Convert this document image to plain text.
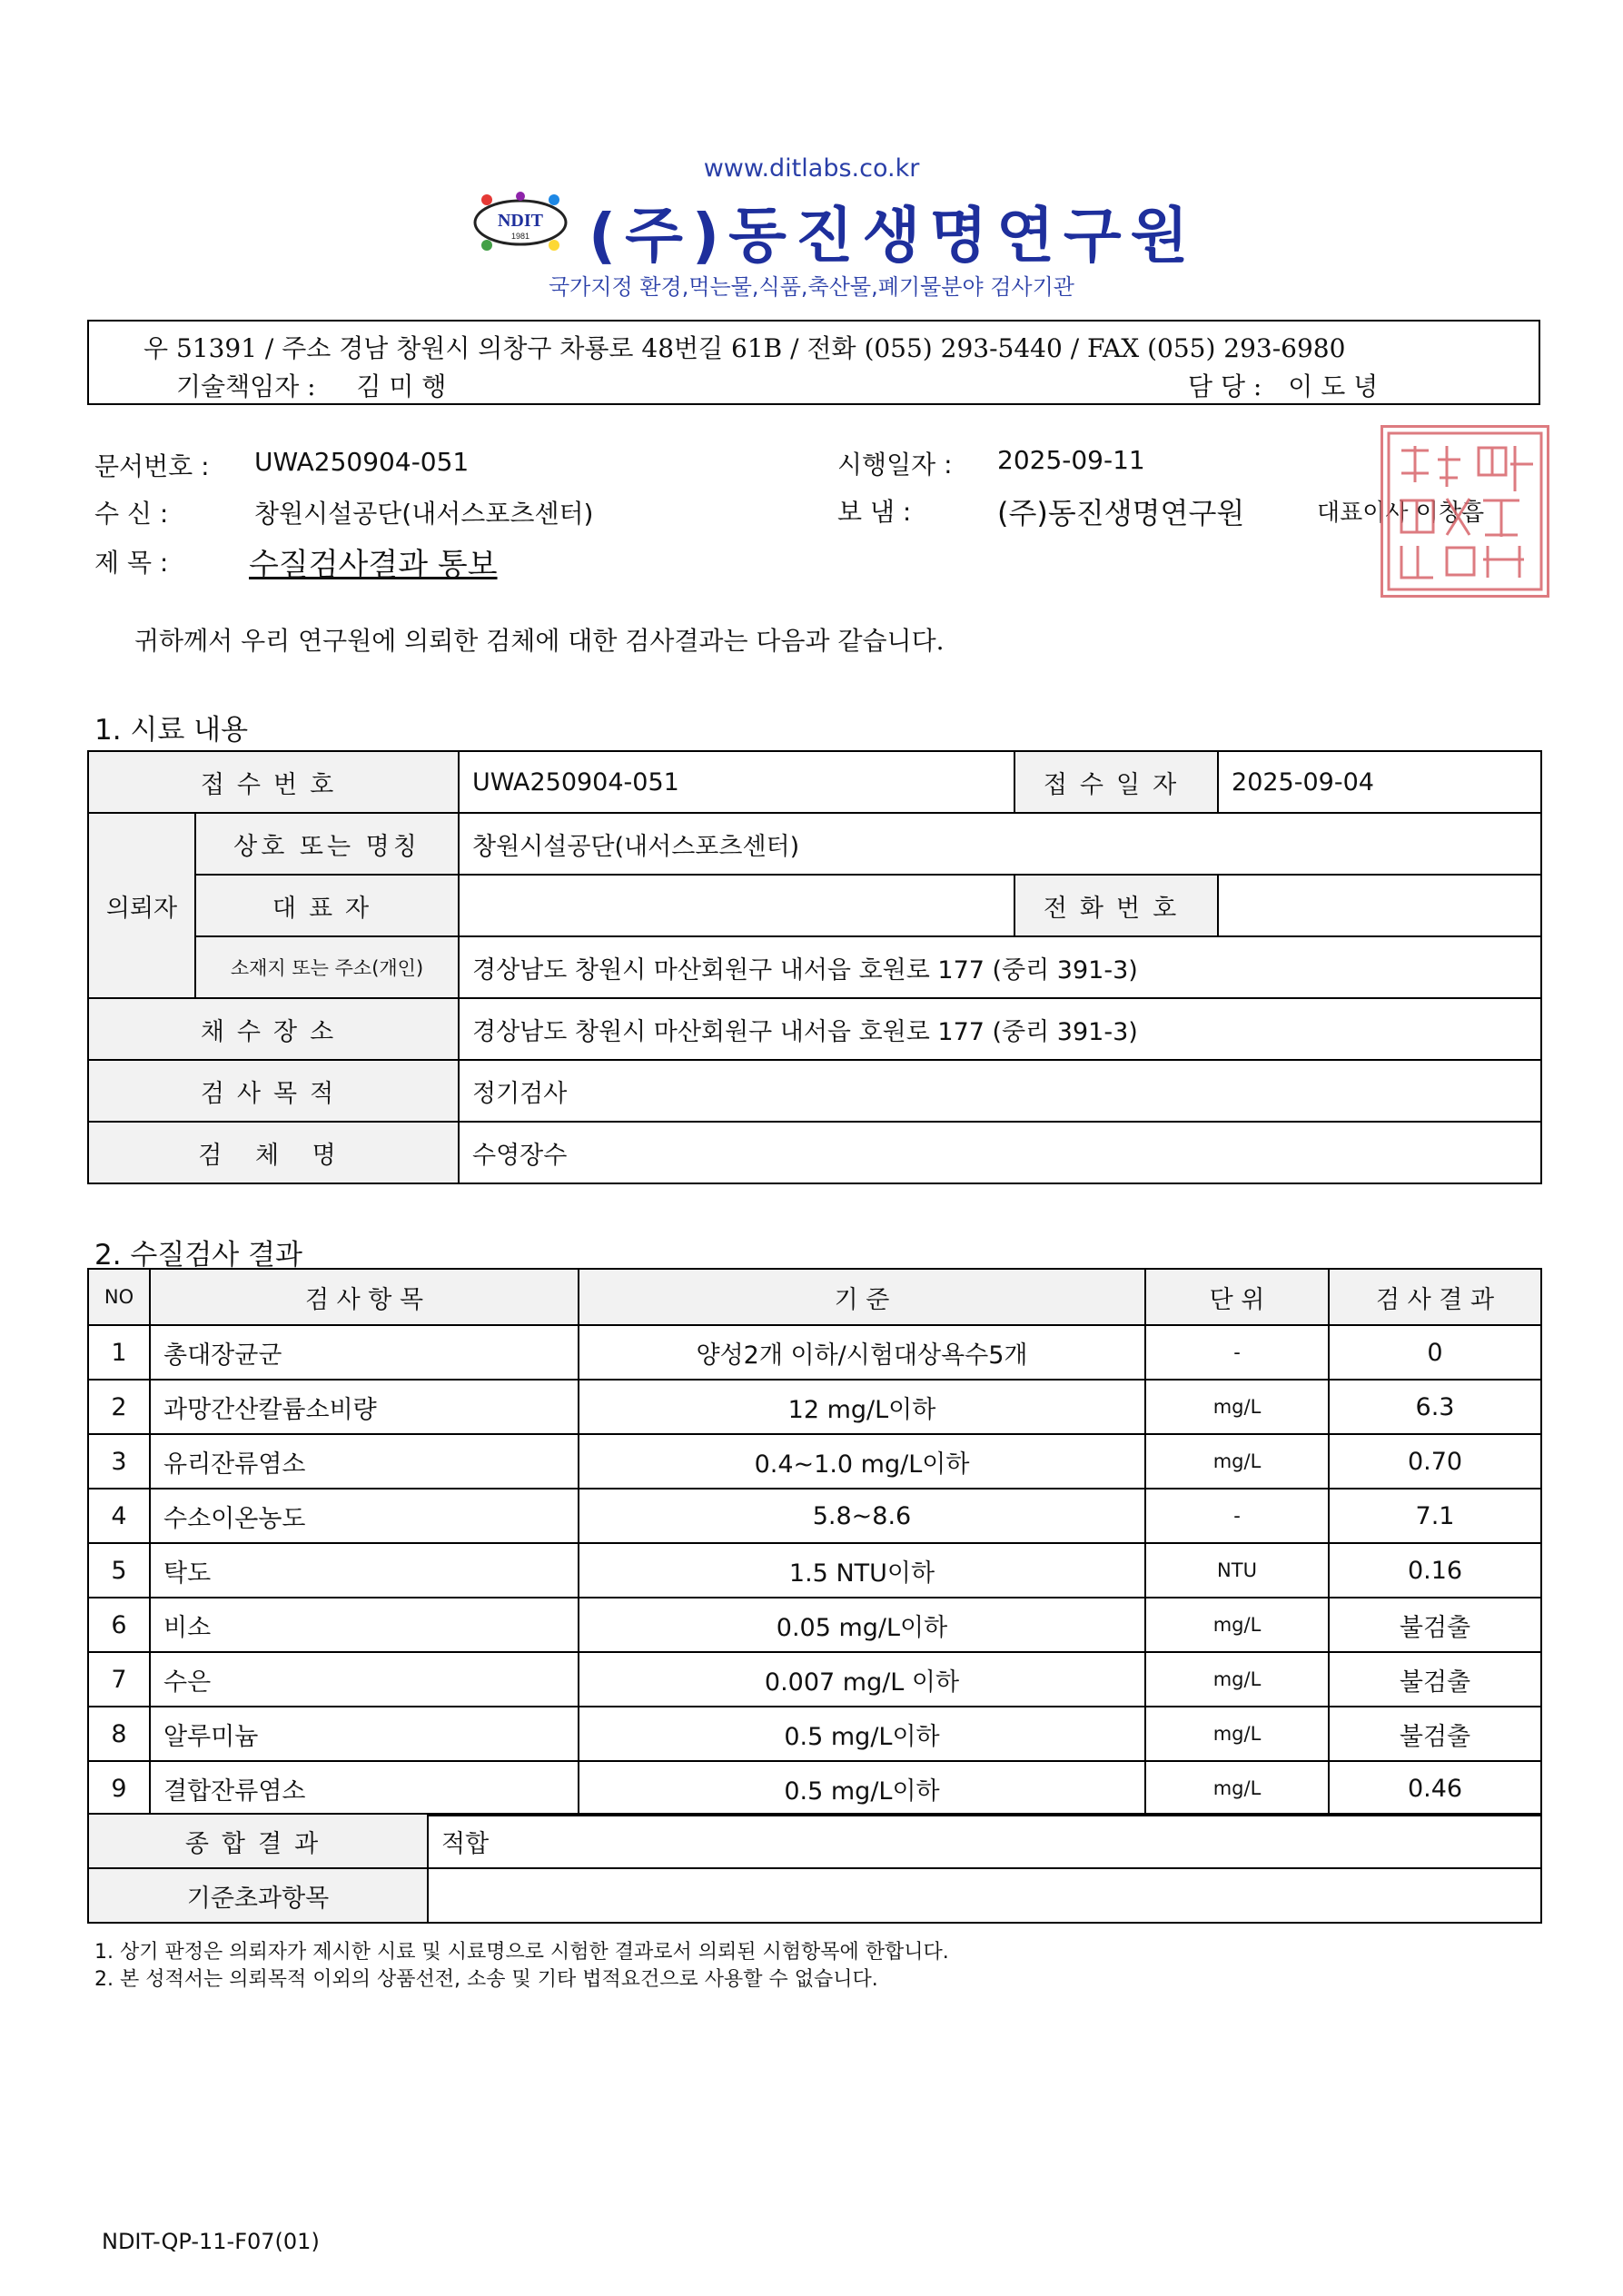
www.ditlabs.co.kr
NDIT
1981 (주)동진생명연구원
국가지정 환경,먹는물,식품,축산물,폐기물분야 검사기관
우 51391 / 주소 경남 창원시 의창구 차룡로 48번길 61B / 전화 (055) 293-5440 / FAX (055) 293-6980
기술책임자 : 김 미 행	담 당 : 이 도 녕
문서번호 : UWA250904-051	시행일자 : 2025-09-11
수 신 :	창원시설공단(내서스포츠센터)	보 냄 :	(주)동진생명연구원	대표이사 이창흡
제 목 :	수질검사결과 통보
귀하께서 우리 연구원에 의뢰한 검체에 대한 검사결과는 다음과 같습니다.
1. 시료 내용
접수번호		UWA250904-051	접수일자	2025-09-04
의뢰자	상호 또는 명칭	창원시설공단(내서스포츠센터)		
	대표자		전화번호	
	소재지 또는 주소(개인)	경상남도 창원시 마산회원구 내서읍 호원로 177 (중리 391-3)		
채수장소		경상남도 창원시 마산회원구 내서읍 호원로 177 (중리 391-3)		
검사목적		정기검사		
검 체 명		수영장수		
2. 수질검사 결과
NO	검 사 항 목	기 준	단 위	검 사 결 과
1	총대장균군	양성2개 이하/시험대상욕수5개	-	0
2	과망간산칼륨소비량	12 mg/L이하	mg/L	6.3
3	유리잔류염소	0.4~1.0 mg/L이하	mg/L	0.70
4	수소이온농도	5.8~8.6	-	7.1
5	탁도	1.5 NTU이하	NTU	0.16
6	비소	0.05 mg/L이하	mg/L	불검출
7	수은	0.007 mg/L 이하	mg/L	불검출
8	알루미늄	0.5 mg/L이하	mg/L	불검출
9	결합잔류염소	0.5 mg/L이하	mg/L	0.46
종합결과	적합
기준초과항목	
1. 상기 판정은 의뢰자가 제시한 시료 및 시료명으로 시험한 결과로서 의뢰된 시험항목에 한합니다.
2. 본 성적서는 의뢰목적 이외의 상품선전, 소송 및 기타 법적요건으로 사용할 수 없습니다.
NDIT-QP-11-F07(01)
